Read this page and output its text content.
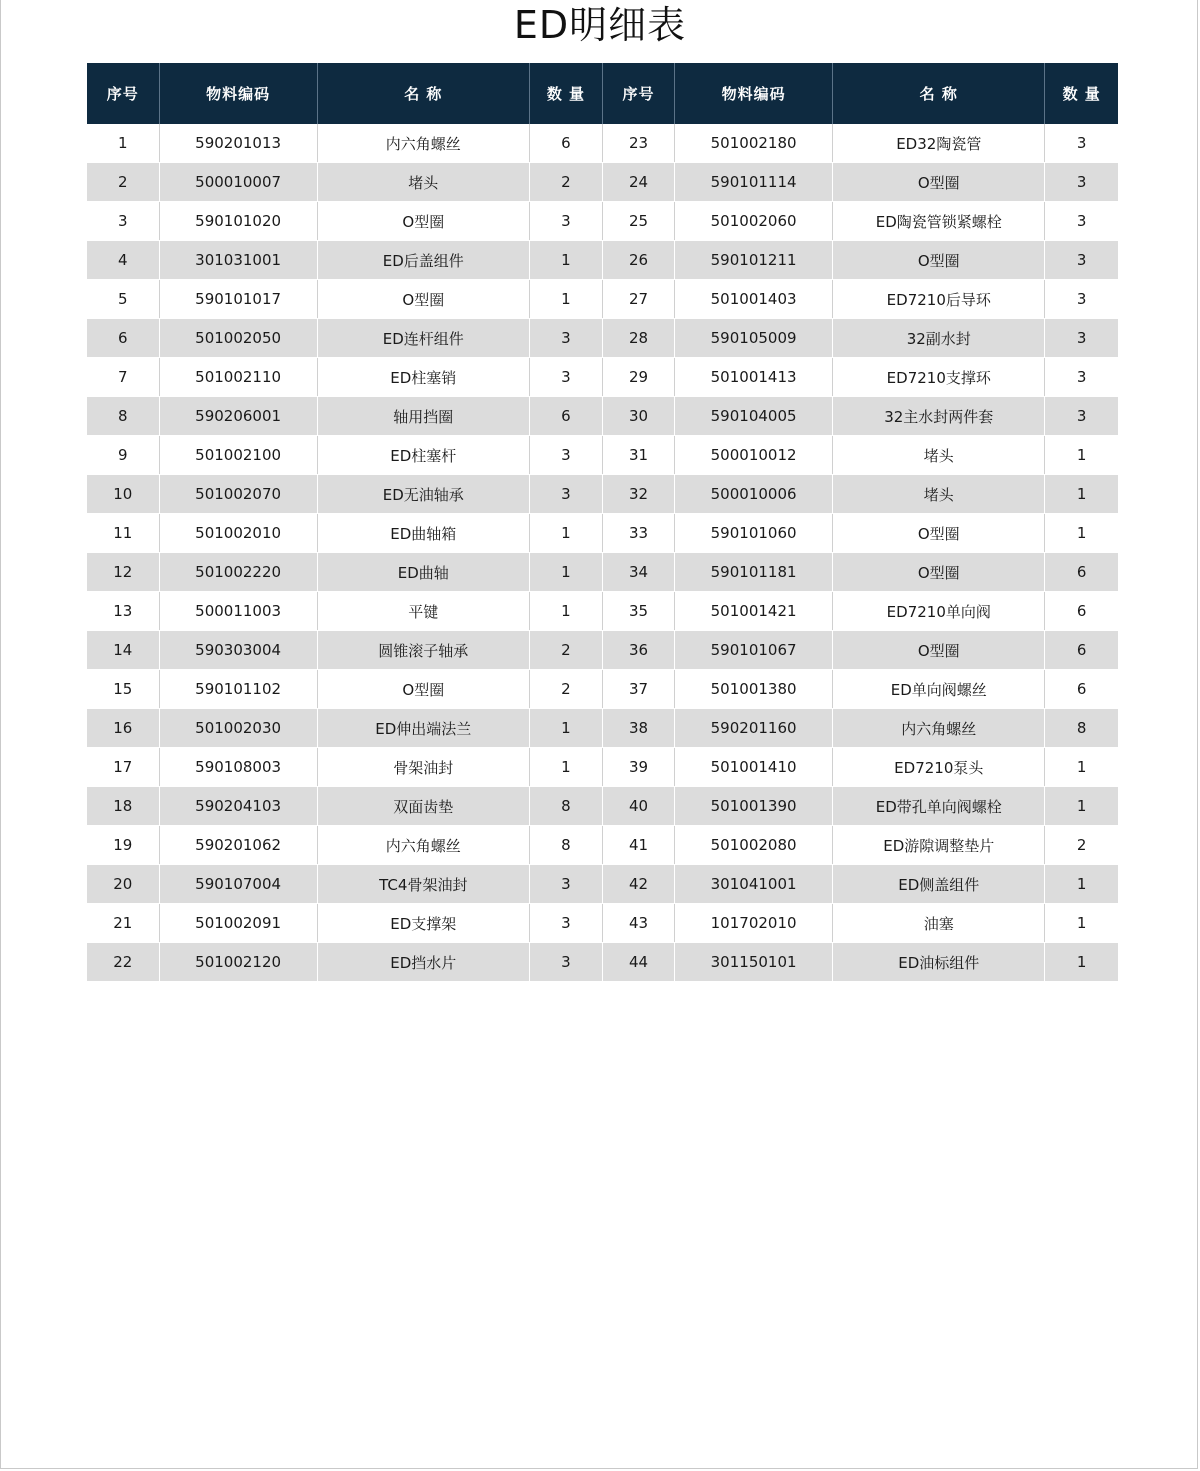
ED明细表
序号	物料编码	名 称	数 量	序号	物料编码	名 称	数 量
1	590201013	内六角螺丝	6	23	501002180	ED32陶瓷管	3
2	500010007	堵头	2	24	590101114	O型圈	3
3	590101020	O型圈	3	25	501002060	ED陶瓷管锁紧螺栓	3
4	301031001	ED后盖组件	1	26	590101211	O型圈	3
5	590101017	O型圈	1	27	501001403	ED7210后导环	3
6	501002050	ED连杆组件	3	28	590105009	32副水封	3
7	501002110	ED柱塞销	3	29	501001413	ED7210支撑环	3
8	590206001	轴用挡圈	6	30	590104005	32主水封两件套	3
9	501002100	ED柱塞杆	3	31	500010012	堵头	1
10	501002070	ED无油轴承	3	32	500010006	堵头	1
11	501002010	ED曲轴箱	1	33	590101060	O型圈	1
12	501002220	ED曲轴	1	34	590101181	O型圈	6
13	500011003	平键	1	35	501001421	ED7210单向阀	6
14	590303004	圆锥滚子轴承	2	36	590101067	O型圈	6
15	590101102	O型圈	2	37	501001380	ED单向阀螺丝	6
16	501002030	ED伸出端法兰	1	38	590201160	内六角螺丝	8
17	590108003	骨架油封	1	39	501001410	ED7210泵头	1
18	590204103	双面齿垫	8	40	501001390	ED带孔单向阀螺栓	1
19	590201062	内六角螺丝	8	41	501002080	ED游隙调整垫片	2
20	590107004	TC4骨架油封	3	42	301041001	ED侧盖组件	1
21	501002091	ED支撑架	3	43	101702010	油塞	1
22	501002120	ED挡水片	3	44	301150101	ED油标组件	1
